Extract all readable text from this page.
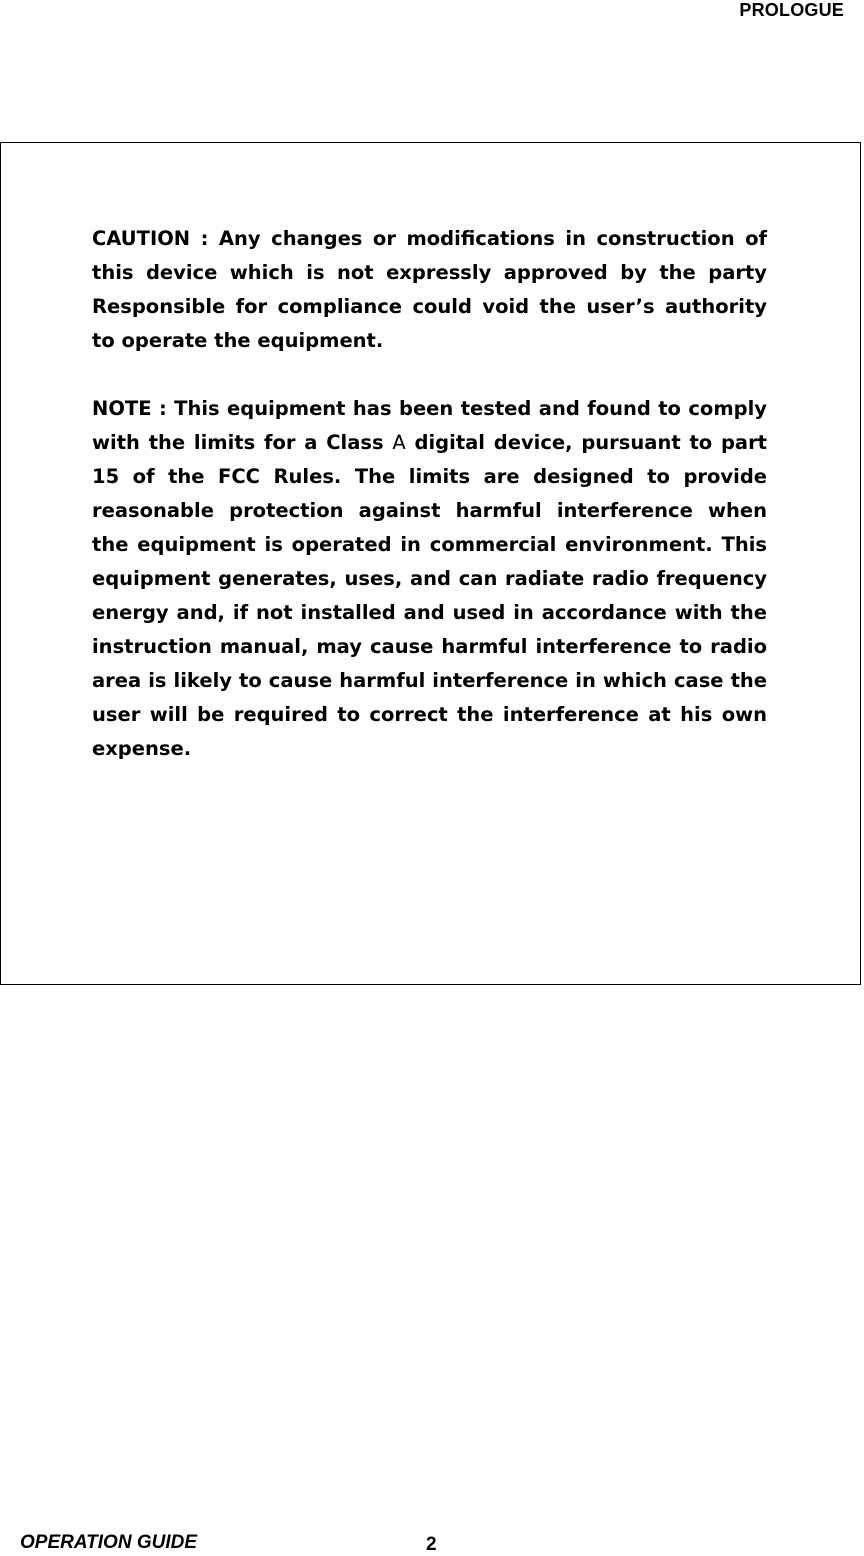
PROLOGUE

CAUTION : Any changes or modifications in construction of this device which is not expressly approved by the party Responsible for compliance could void the user’s authority to operate the equipment.

NOTE : This equipment has been tested and found to comply with the limits for a Class A digital device, pursuant to part 15 of the FCC Rules. The limits are designed to provide reasonable protection against harmful interference when the equipment is operated in commercial environment. This equipment generates, uses, and can radiate radio frequency energy and, if not installed and used in accordance with the instruction manual, may cause harmful interference to radio area is likely to cause harmful interference in which case the user will be required to correct the interference at his own expense.

OPERATION GUIDE	2
